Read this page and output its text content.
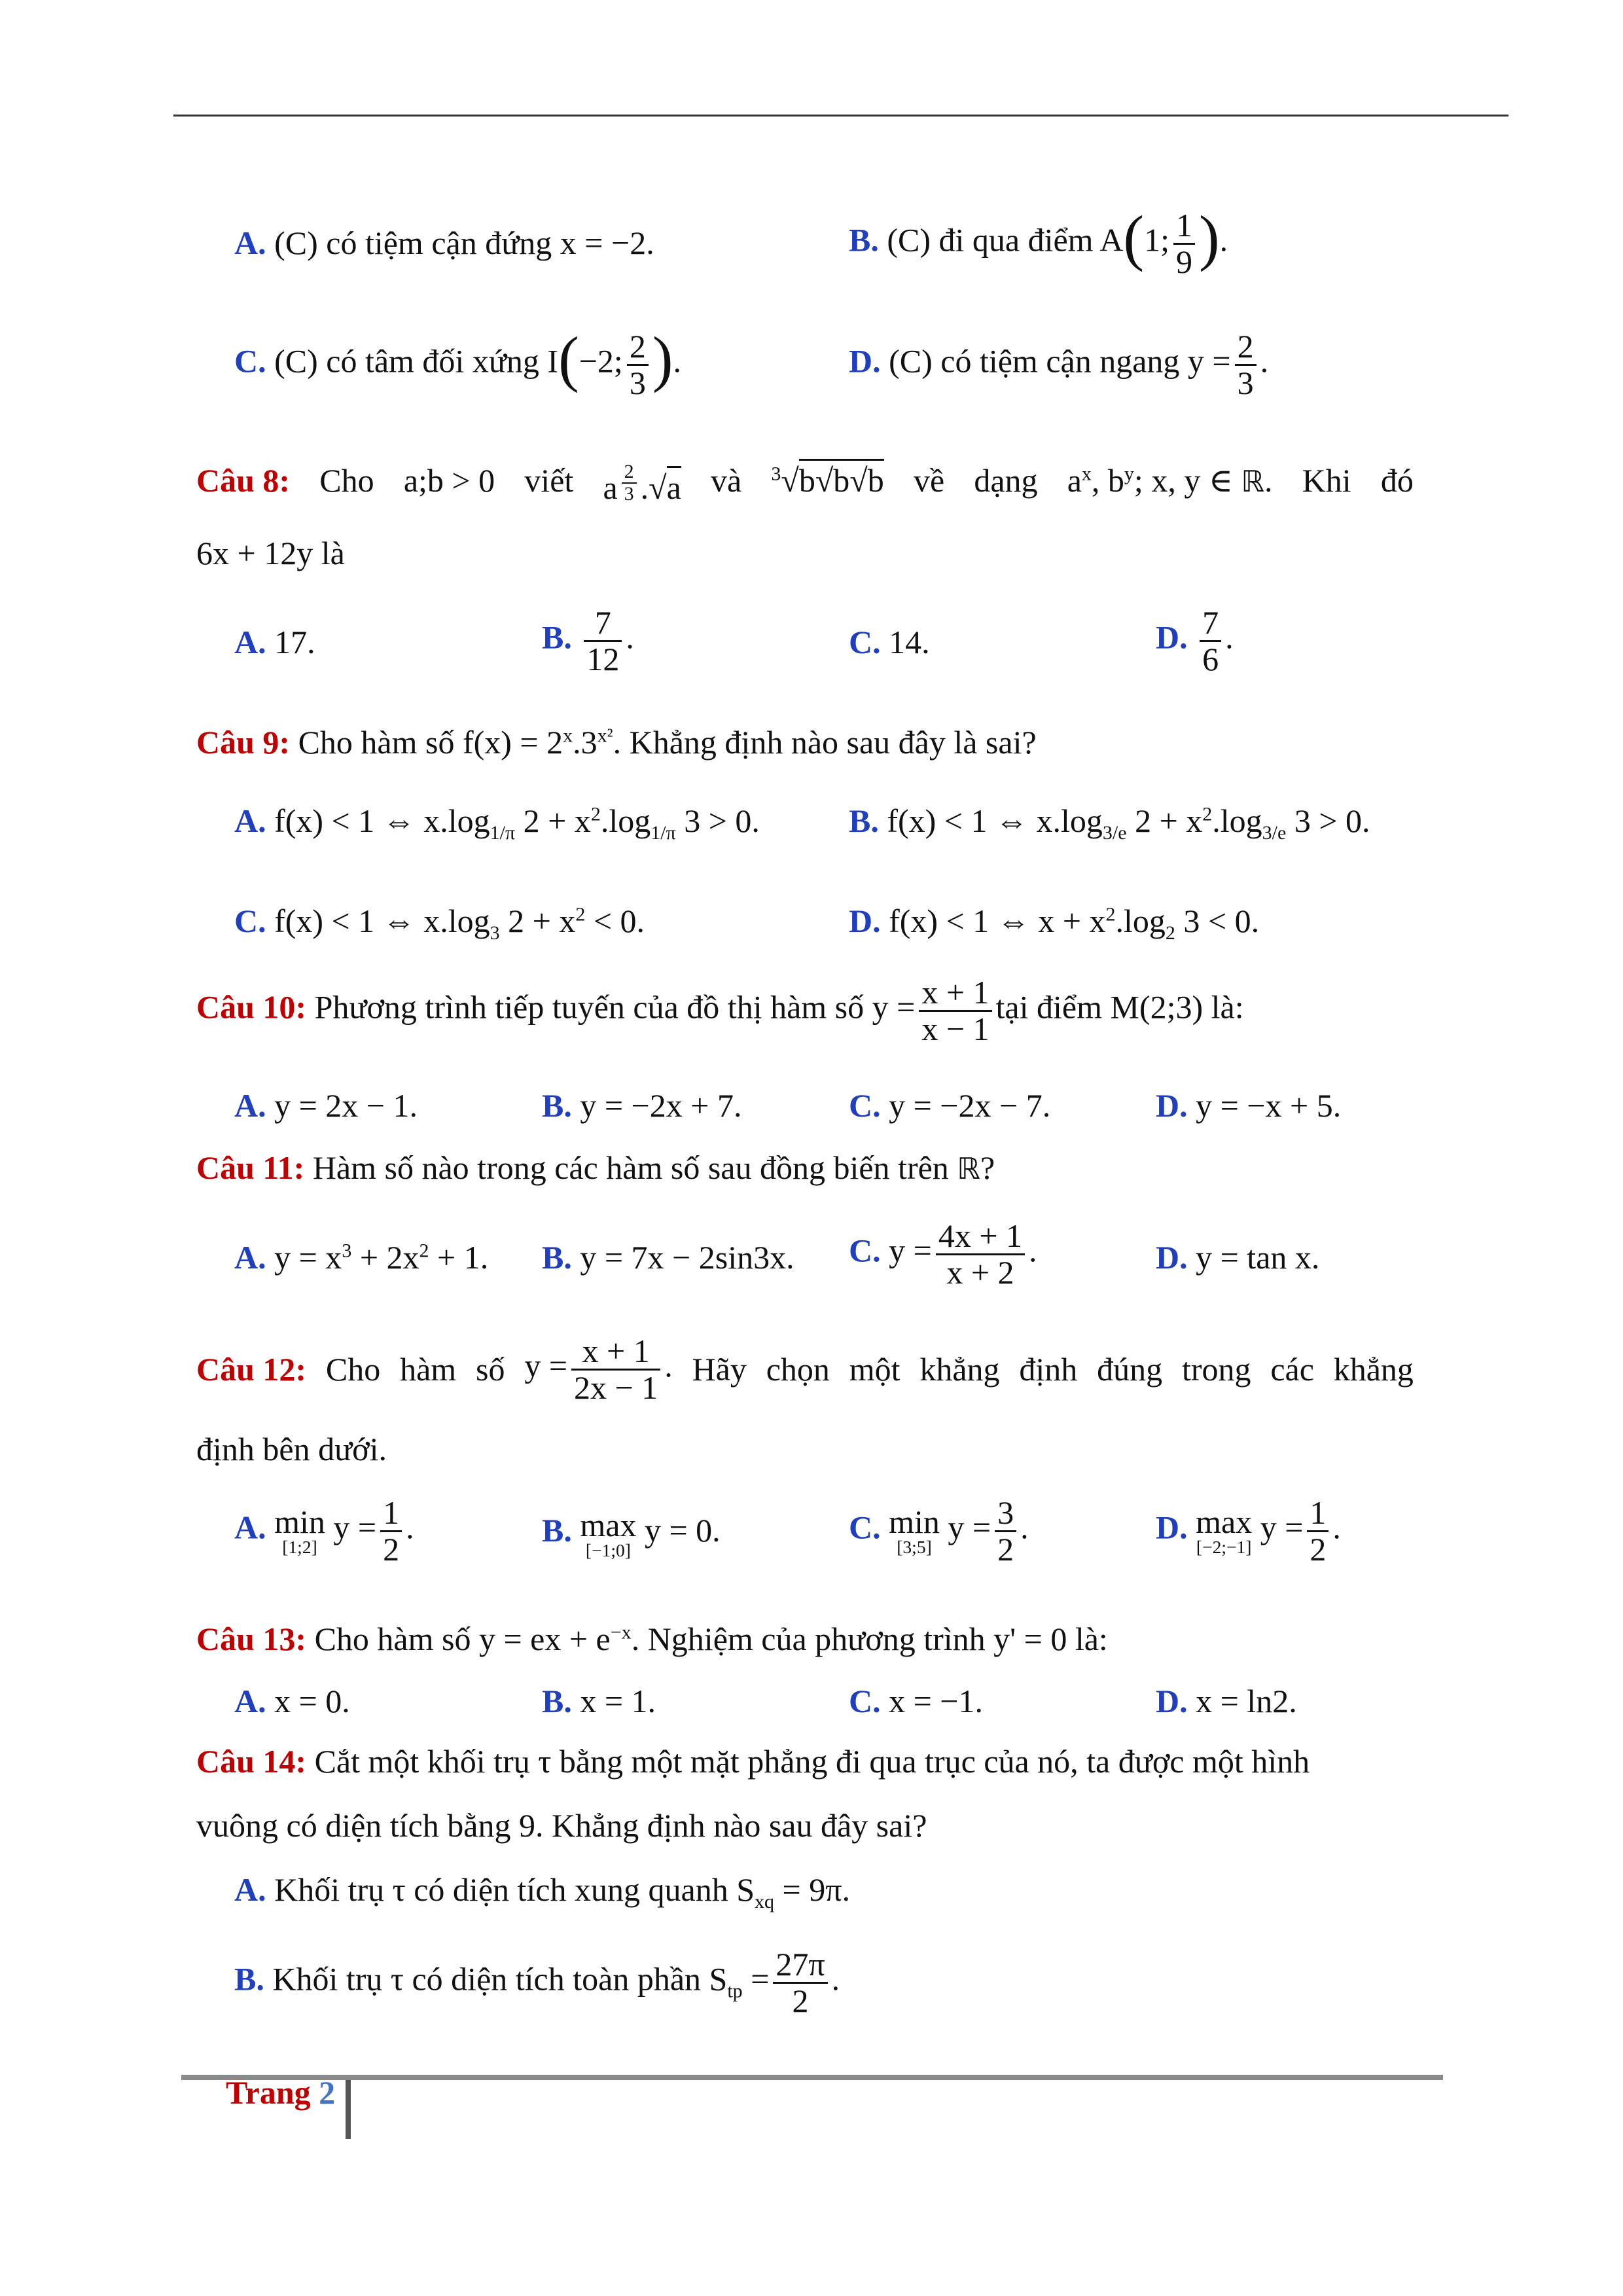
A. (C) có tiệm cận đứng x = −2.	B. (C) đi qua điểm A(1; $\frac{1}{9}$ ).
C. (C) có tâm đối xứng I(−2; $\frac{2}{3}$ ).	D. (C) có tiệm cận ngang $y = \frac{2}{3}$ .
Câu 8: Cho a;b > 0 viết a $^{\frac{2}{3}}$ .√a và $^3$√b√b√b về dạng $a^x$, $b^y$; x, y ∈ ℝ. Khi đó
6x + 12y là
A. 17.	B. $\frac{7}{12}$ .	C. 14.	D. $\frac{7}{6}$ .
Câu 9: Cho hàm số $f(x) = 2^x.3^{x^2}$. Khẳng định nào sau đây là sai?
A. f(x) < 1 ⇔ $x.\log_{1/\pi}$ $2 + x^2.\log_{1/\pi}$ 3 > 0.	B. f(x) < 1 ⇔ $x.\log_{3/e}$ $2 + x^2.\log_{3/e}$ 3 > 0.
C. f(x) < 1 ⇔ $x.\log_3$ $2 + x^2 < 0$.	D. f(x) < 1 ⇔ $x + x^2.\log_2$ 3 < 0.
Câu 10: Phương trình tiếp tuyến của đồ thị hàm số $y = \frac{x + 1}{x - 1}$ tại điểm M(2;3) là:
A. y = 2x − 1.	B. y = −2x + 7.	C. y = −2x − 7.	D. y = −x + 5.
Câu 11: Hàm số nào trong các hàm số sau đồng biến trên ℝ?
A. $y = x^3 + 2x^2 + 1$. B. y = 7x − 2sin3x. C. $y = \frac{4x + 1}{x + 2}$ .	D. y = tan x.
Câu 12: Cho hàm số $y = \frac{x + 1}{2x - 1}$ . Hãy chọn một khẳng định đúng trong các khẳng
định bên dưới.
A. min
[1;2]
$y = \frac{1}{2}$ .	B. max
[−1;0]
y = 0.	C. min
[3;5]
$y = \frac{3}{2}$ .	D. max
[−2;−1]
$y = \frac{1}{2}$ .
Câu 13: Cho hàm số y = ex + $e^{-x}$. Nghiệm của phương trình y' = 0 là:
A. x = 0.	B. x = 1.	C. x = −1.	D. x = ln2.
Câu 14: Cắt một khối trụ τ bằng một mặt phẳng đi qua trục của nó, ta được một hình
vuông có diện tích bằng 9. Khẳng định nào sau đây sai?
A. Khối trụ τ có diện tích xung quanh $S_{xq} = 9\pi$.
B. Khối trụ τ có diện tích toàn phần $S_{tp} = \frac{27\pi}{2}$ .
Trang 2
